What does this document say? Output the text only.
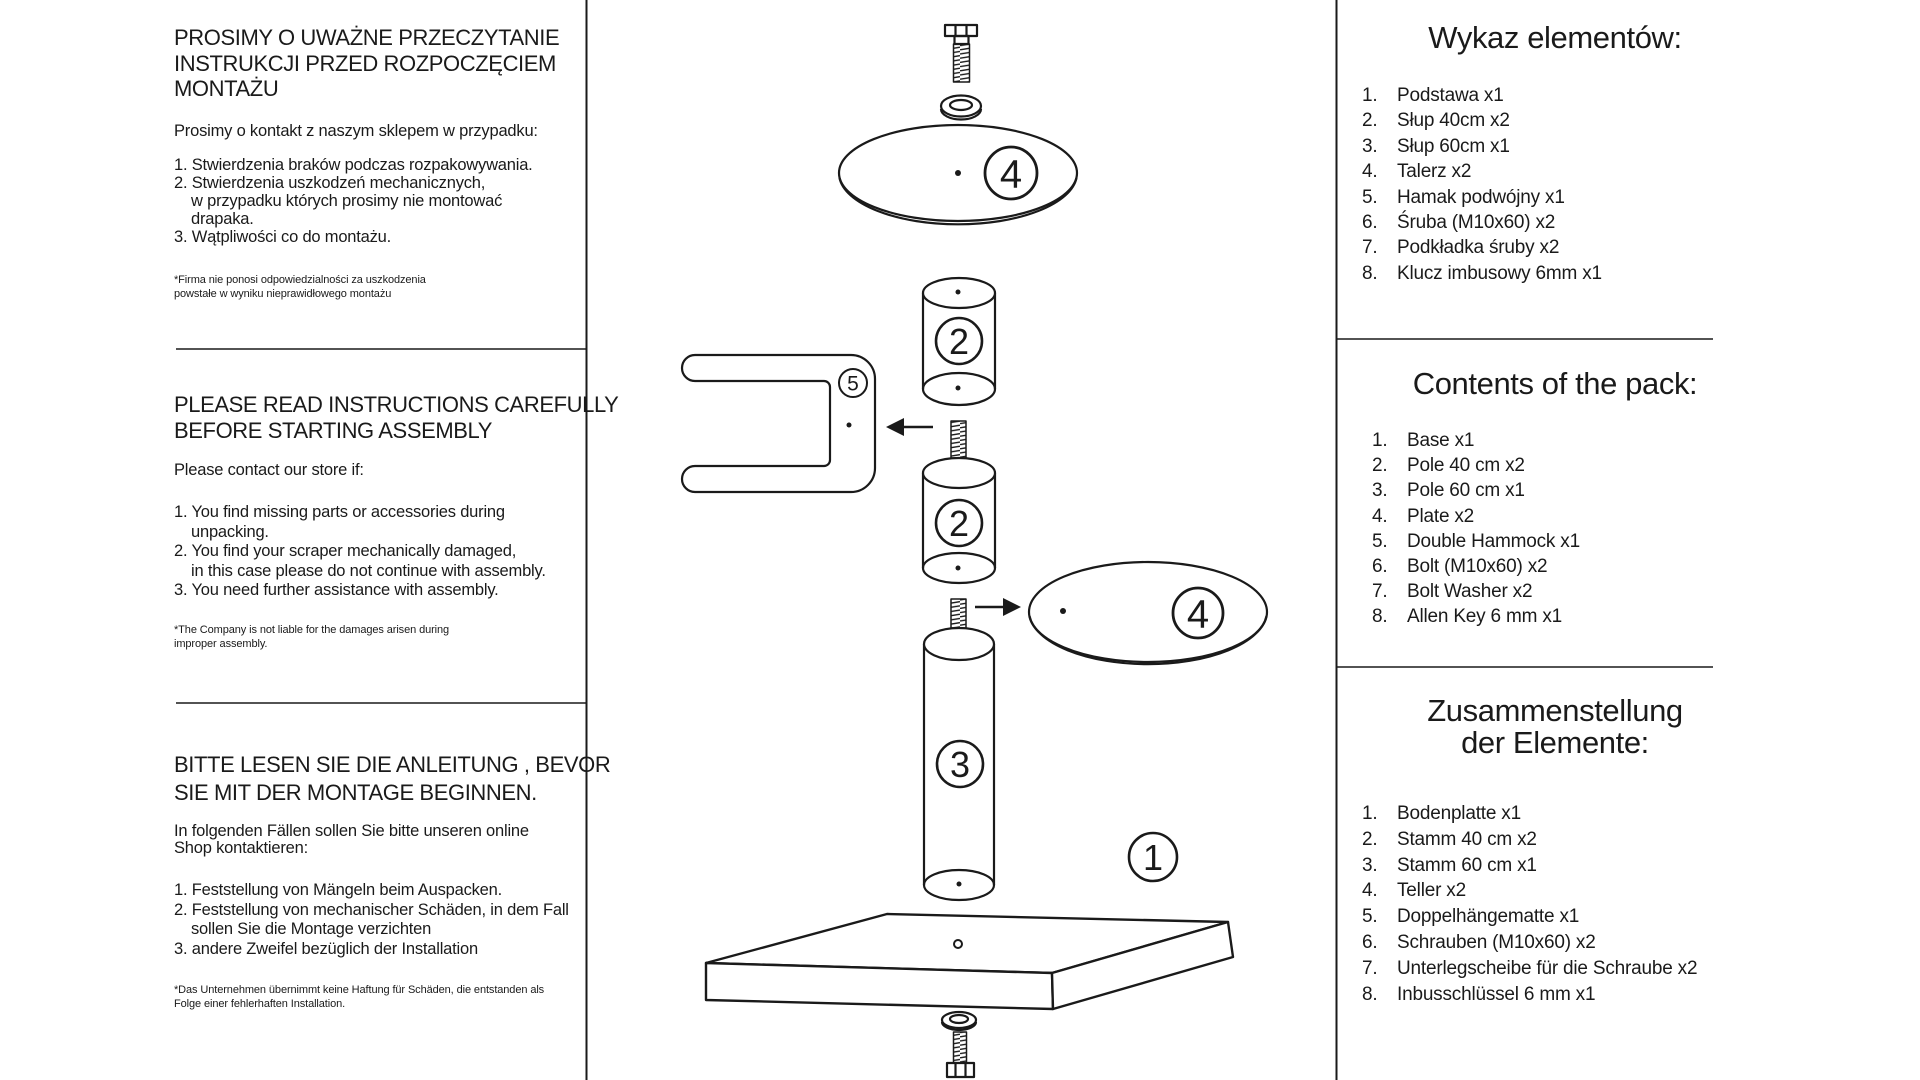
4
2
2
5
4
3
1
PROSIMY O UWAŻNE PRZECZYTANIE
INSTRUKCJI PRZED ROZPOCZĘCIEM
MONTAŻU
Prosimy o kontakt z naszym sklepem w przypadku:
1. Stwierdzenia braków podczas rozpakowywania.
2. Stwierdzenia uszkodzeń mechanicznych,
w przypadku których prosimy nie montować
drapaka.
3. Wątpliwości co do montażu.
*Firma nie ponosi odpowiedzialności za uszkodzenia
powstałe w wyniku nieprawidłowego montażu
PLEASE READ INSTRUCTIONS CAREFULLY
BEFORE STARTING ASSEMBLY
Please contact our store if:
1. You find missing parts or accessories during
unpacking.
2. You find your scraper mechanically damaged,
in this case please do not continue with assembly.
3. You need further assistance with assembly.
*The Company is not liable for the damages arisen during
improper assembly.
BITTE LESEN SIE DIE ANLEITUNG , BEVOR
SIE MIT DER MONTAGE BEGINNEN.
In folgenden Fällen sollen Sie bitte unseren online
Shop kontaktieren:
1. Feststellung von Mängeln beim Auspacken.
2. Feststellung von mechanischer Schäden, in dem Fall
sollen Sie die Montage verzichten
3. andere Zweifel bezüglich der Installation
*Das Unternehmen übernimmt keine Haftung für Schäden, die entstanden als
Folge einer fehlerhaften Installation.
Wykaz elementów:
1.	Podstawa x1
2.	Słup 40cm x2
3.	Słup 60cm x1
4.	Talerz x2
5.	Hamak podwójny x1
6.	Śruba (M10x60) x2
7.	Podkładka śruby x2
8.	Klucz imbusowy 6mm x1
Contents of the pack:
1.	Base x1
2.	Pole 40 cm x2
3.	Pole 60 cm x1
4.	Plate x2
5.	Double Hammock x1
6.	Bolt (M10x60) x2
7.	Bolt Washer x2
8.	Allen Key 6 mm x1
Zusammenstellung
der Elemente:
1.	Bodenplatte x1
2.	Stamm 40 cm x2
3.	Stamm 60 cm x1
4.	Teller x2
5.	Doppelhängematte x1
6.	Schrauben (M10x60) x2
7.	Unterlegscheibe für die Schraube x2
8.	Inbusschlüssel 6 mm x1
